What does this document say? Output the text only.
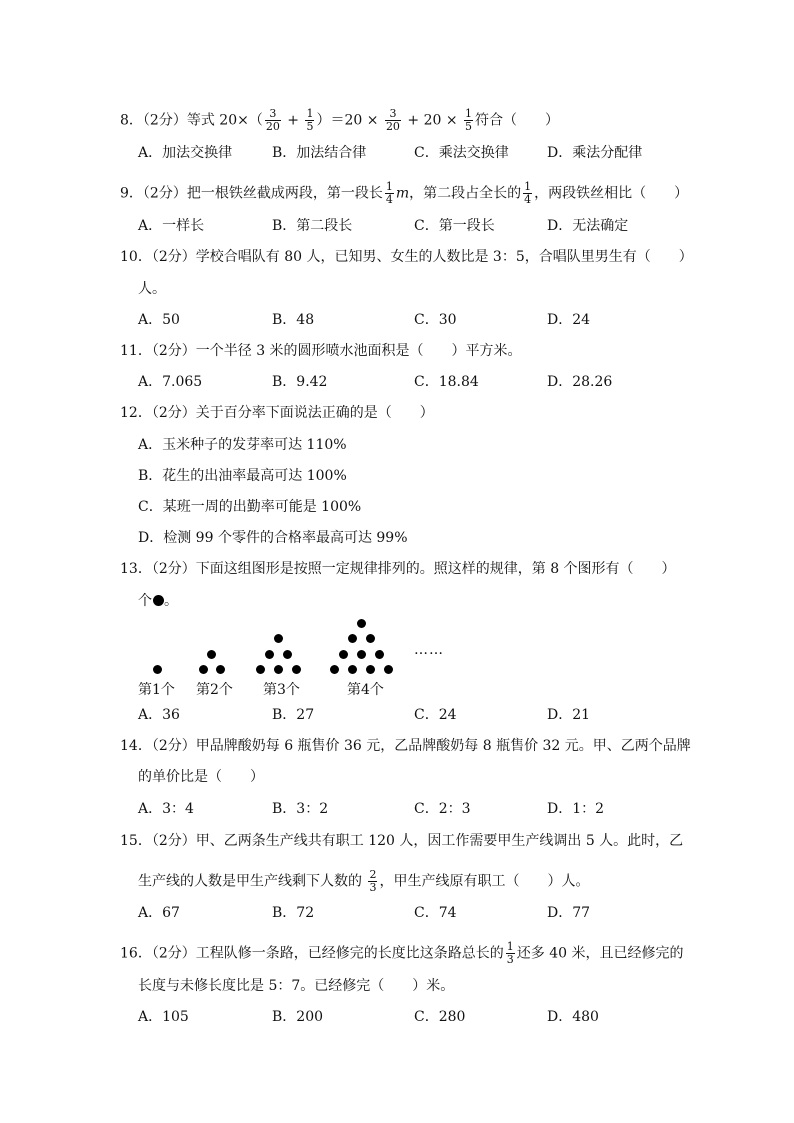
8．（2分）等式 $20\times( \frac{3}{20} + \frac{1}{5} )=20 \times \frac{3}{20} + 20 \times \frac{1}{5}$ 符合（　　）
A．加法交换律	B．加法结合律	C．乘法交换律	D．乘法分配律
9．（2分）把一根铁丝截成两段，第一段长 $\frac{1}{4}$ m，第二段占全长的 $\frac{1}{4}$ ，两段铁丝相比（　　）
A．一样长	B．第二段长	C．第一段长	D．无法确定
10．（2分）学校合唱队有 80 人，已知男、女生的人数比是 3：5，合唱队里男生有（　　）
人。
A．50	B．48	C．30	D．24
11．（2分）一个半径 3 米的圆形喷水池面积是（　　）平方米。
A．7.065	B．9.42	C．18.84	D．28.26
12．（2分）关于百分率下面说法正确的是（　　）
A．玉米种子的发芽率可达 110%
B．花生的出油率最高可达 100%
C．某班一周的出勤率可能是 100%
D．检测 99 个零件的合格率最高可达 99%
13．（2分）下面这组图形是按照一定规律排列的。照这样的规律，第 8 个图形有（　　）
个 。
……
第1个 第2个 第3个	第4个
A．36	B．27	C．24	D．21
14．（2分）甲品牌酸奶每 6 瓶售价 36 元，乙品牌酸奶每 8 瓶售价 32 元。甲、乙两个品牌
的单价比是（　　）
A．3：4	B．3：2	C．2：3	D．1：2
15．（2分）甲、乙两条生产线共有职工 120 人，因工作需要甲生产线调出 5 人。此时，乙
生产线的人数是甲生产线剩下人数的 $\frac{2}{3}$ ，甲生产线原有职工（　　）人。
A．67	B．72	C．74	D．77
16．（2分）工程队修一条路，已经修完的长度比这条路总长的 $\frac{1}{3}$ 还多 40 米，且已经修完的
长度与未修长度比是 5：7。已经修完（　　）米。
A．105	B．200	C．280	D．480
